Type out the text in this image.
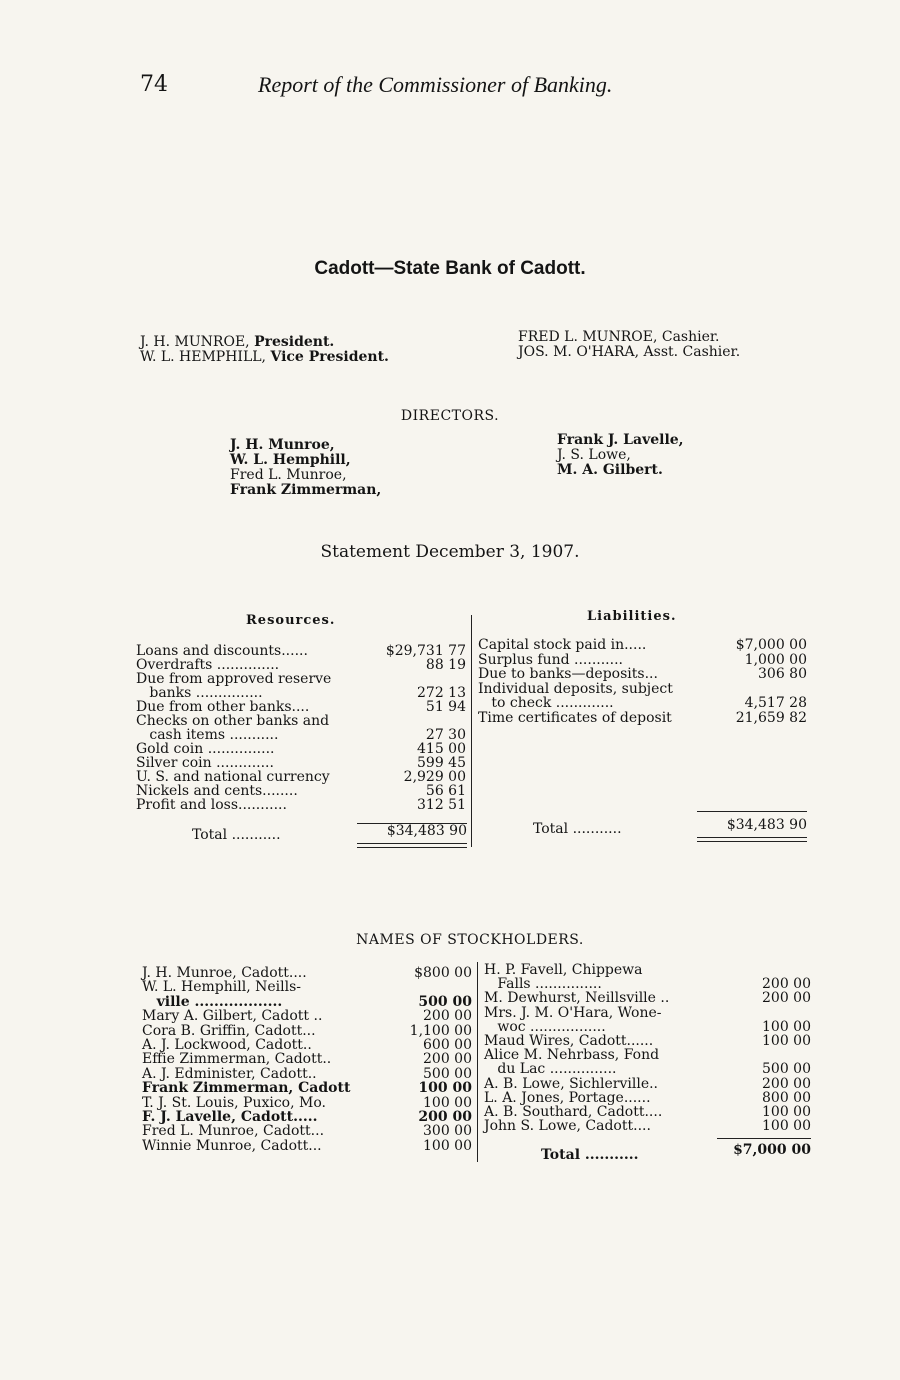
74	Report of the Commissioner of Banking.
Cadott—State Bank of Cadott.
J. H. MUNROE, President.
W. L. HEMPHILL, Vice President.
FRED L. MUNROE, Cashier.
JOS. M. O'HARA, Asst. Cashier.
DIRECTORS.
J. H. Munroe,
W. L. Hemphill,
Fred L. Munroe,
Frank Zimmerman,
Frank J. Lavelle,
J. S. Lowe,
M. A. Gilbert.
Statement December 3, 1907.
Resources.	Liabilities.
Loans and discounts......	$29,731 77
Overdrafts ..............	88 19
Due from approved reserve
banks ...............	272 13
Due from other banks....	51 94
Checks on other banks and
cash items ...........	27 30
Gold coin ...............	415 00
Silver coin .............	599 45
U. S. and national currency	2,929 00
Nickels and cents........	56 61
Profit and loss...........	312 51
Capital stock paid in.....	$7,000 00
Surplus fund ...........	1,000 00
Due to banks—deposits...	306 80
Individual deposits, subject
to check .............	4,517 28
Time certificates of deposit	21,659 82
Total ...........	$34,483 90	Total ...........	$34,483 90
NAMES OF STOCKHOLDERS.
J. H. Munroe, Cadott....	$800 00
W. L. Hemphill, Neills-
ville ..................	500 00
Mary A. Gilbert, Cadott ..	200 00
Cora B. Griffin, Cadott...	1,100 00
A. J. Lockwood, Cadott..	600 00
Effie Zimmerman, Cadott..	200 00
A. J. Edminister, Cadott..	500 00
Frank Zimmerman, Cadott	100 00
T. J. St. Louis, Puxico, Mo.	100 00
F. J. Lavelle, Cadott.....	200 00
Fred L. Munroe, Cadott...	300 00
Winnie Munroe, Cadott...	100 00
H. P. Favell, Chippewa
Falls ...............	200 00
M. Dewhurst, Neillsville ..	200 00
Mrs. J. M. O'Hara, Wone-
woc .................	100 00
Maud Wires, Cadott......	100 00
Alice M. Nehrbass, Fond
du Lac ...............	500 00
A. B. Lowe, Sichlerville..	200 00
L. A. Jones, Portage......	800 00
A. B. Southard, Cadott....	100 00
John S. Lowe, Cadott....	100 00
Total ...........	$7,000 00
